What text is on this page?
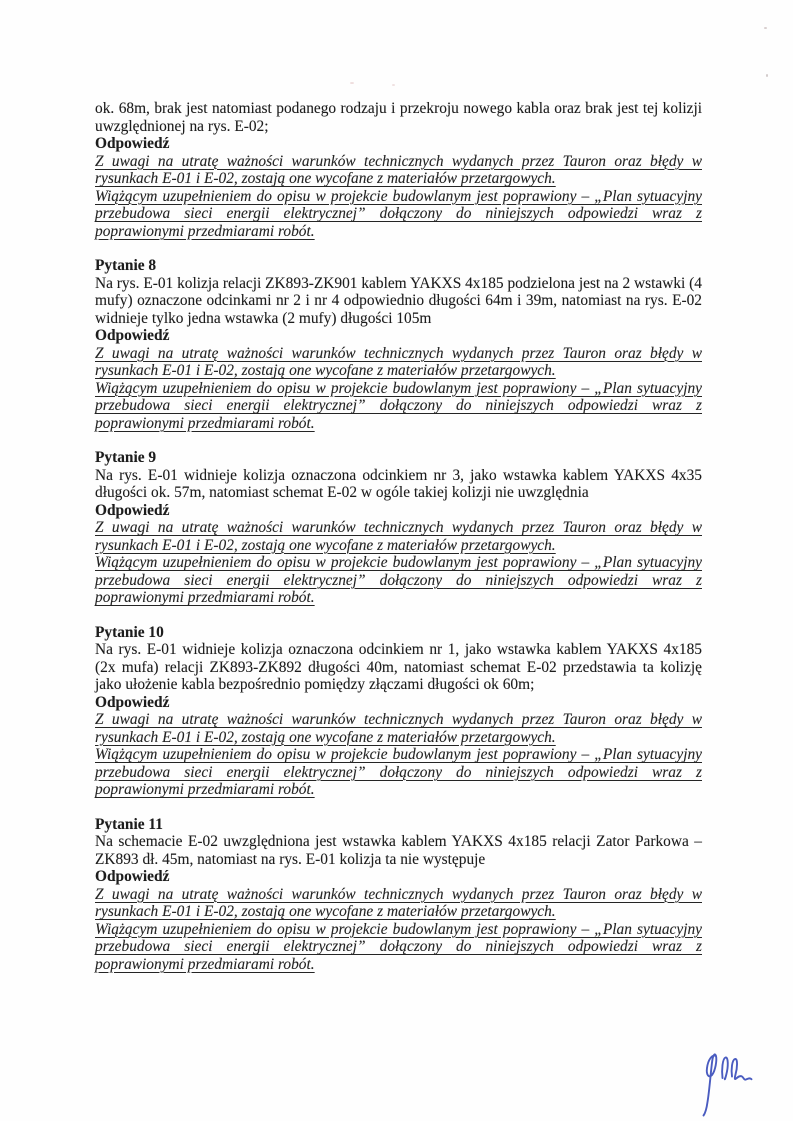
ok. 68m, brak jest natomiast podanego rodzaju i przekroju nowego kabla oraz brak jest tej kolizji uwzględnionej na rys. E-02;

Odpowiedź

Z uwagi na utratę ważności warunków technicznych wydanych przez Tauron oraz błędy w rysunkach E-01 i E-02, zostają one wycofane z materiałów przetargowych.

Wiążącym uzupełnieniem do opisu w projekcie budowlanym jest poprawiony – „Plan sytuacyjny przebudowa sieci energii elektrycznej” dołączony do niniejszych odpowiedzi wraz z poprawionymi przedmiarami robót.

Pytanie 8

Na rys. E-01 kolizja relacji ZK893-ZK901 kablem YAKXS 4x185 podzielona jest na 2 wstawki (4 mufy) oznaczone odcinkami nr 2 i nr 4 odpowiednio długości 64m i 39m, natomiast na rys. E-02 widnieje tylko jedna wstawka (2 mufy) długości 105m

Odpowiedź

Z uwagi na utratę ważności warunków technicznych wydanych przez Tauron oraz błędy w rysunkach E-01 i E-02, zostają one wycofane z materiałów przetargowych.

Wiążącym uzupełnieniem do opisu w projekcie budowlanym jest poprawiony – „Plan sytuacyjny przebudowa sieci energii elektrycznej” dołączony do niniejszych odpowiedzi wraz z poprawionymi przedmiarami robót.

Pytanie 9

Na rys. E-01 widnieje kolizja oznaczona odcinkiem nr 3, jako wstawka kablem YAKXS 4x35 długości ok. 57m, natomiast schemat E-02 w ogóle takiej kolizji nie uwzględnia

Odpowiedź

Z uwagi na utratę ważności warunków technicznych wydanych przez Tauron oraz błędy w rysunkach E-01 i E-02, zostają one wycofane z materiałów przetargowych.

Wiążącym uzupełnieniem do opisu w projekcie budowlanym jest poprawiony – „Plan sytuacyjny przebudowa sieci energii elektrycznej” dołączony do niniejszych odpowiedzi wraz z poprawionymi przedmiarami robót.

Pytanie 10

Na rys. E-01 widnieje kolizja oznaczona odcinkiem nr 1, jako wstawka kablem YAKXS 4x185 (2x mufa) relacji ZK893-ZK892 długości 40m, natomiast schemat E-02 przedstawia ta kolizję jako ułożenie kabla bezpośrednio pomiędzy złączami długości ok 60m;

Odpowiedź

Z uwagi na utratę ważności warunków technicznych wydanych przez Tauron oraz błędy w rysunkach E-01 i E-02, zostają one wycofane z materiałów przetargowych.

Wiążącym uzupełnieniem do opisu w projekcie budowlanym jest poprawiony – „Plan sytuacyjny przebudowa sieci energii elektrycznej” dołączony do niniejszych odpowiedzi wraz z poprawionymi przedmiarami robót.

Pytanie 11

Na schemacie E-02 uwzględniona jest wstawka kablem YAKXS 4x185 relacji Zator Parkowa – ZK893 dł. 45m, natomiast na rys. E-01 kolizja ta nie występuje

Odpowiedź

Z uwagi na utratę ważności warunków technicznych wydanych przez Tauron oraz błędy w rysunkach E-01 i E-02, zostają one wycofane z materiałów przetargowych.

Wiążącym uzupełnieniem do opisu w projekcie budowlanym jest poprawiony – „Plan sytuacyjny przebudowa sieci energii elektrycznej” dołączony do niniejszych odpowiedzi wraz z poprawionymi przedmiarami robót.
